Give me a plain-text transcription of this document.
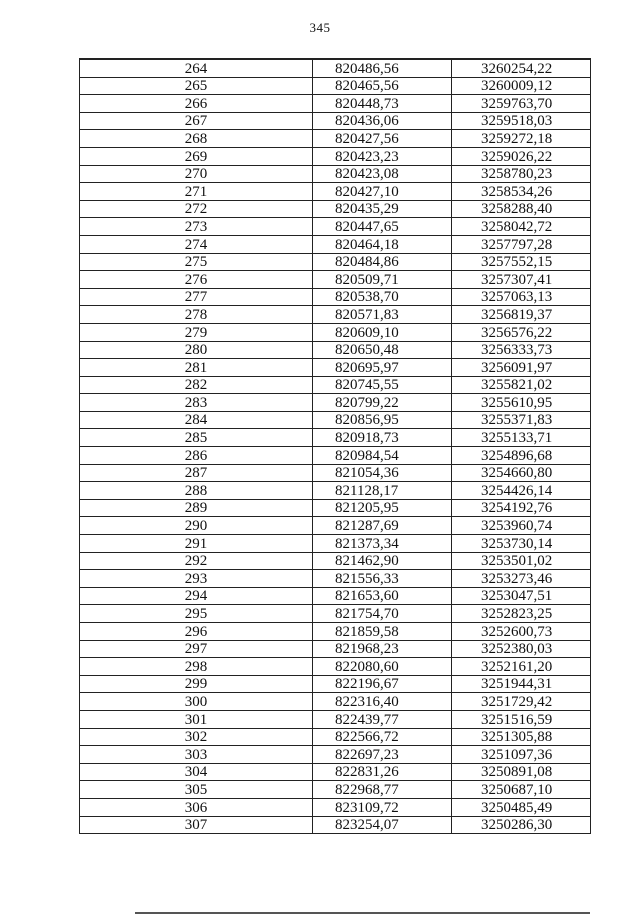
345
264	820486,56	3260254,22
265	820465,56	3260009,12
266	820448,73	3259763,70
267	820436,06	3259518,03
268	820427,56	3259272,18
269	820423,23	3259026,22
270	820423,08	3258780,23
271	820427,10	3258534,26
272	820435,29	3258288,40
273	820447,65	3258042,72
274	820464,18	3257797,28
275	820484,86	3257552,15
276	820509,71	3257307,41
277	820538,70	3257063,13
278	820571,83	3256819,37
279	820609,10	3256576,22
280	820650,48	3256333,73
281	820695,97	3256091,97
282	820745,55	3255821,02
283	820799,22	3255610,95
284	820856,95	3255371,83
285	820918,73	3255133,71
286	820984,54	3254896,68
287	821054,36	3254660,80
288	821128,17	3254426,14
289	821205,95	3254192,76
290	821287,69	3253960,74
291	821373,34	3253730,14
292	821462,90	3253501,02
293	821556,33	3253273,46
294	821653,60	3253047,51
295	821754,70	3252823,25
296	821859,58	3252600,73
297	821968,23	3252380,03
298	822080,60	3252161,20
299	822196,67	3251944,31
300	822316,40	3251729,42
301	822439,77	3251516,59
302	822566,72	3251305,88
303	822697,23	3251097,36
304	822831,26	3250891,08
305	822968,77	3250687,10
306	823109,72	3250485,49
307	823254,07	3250286,30
